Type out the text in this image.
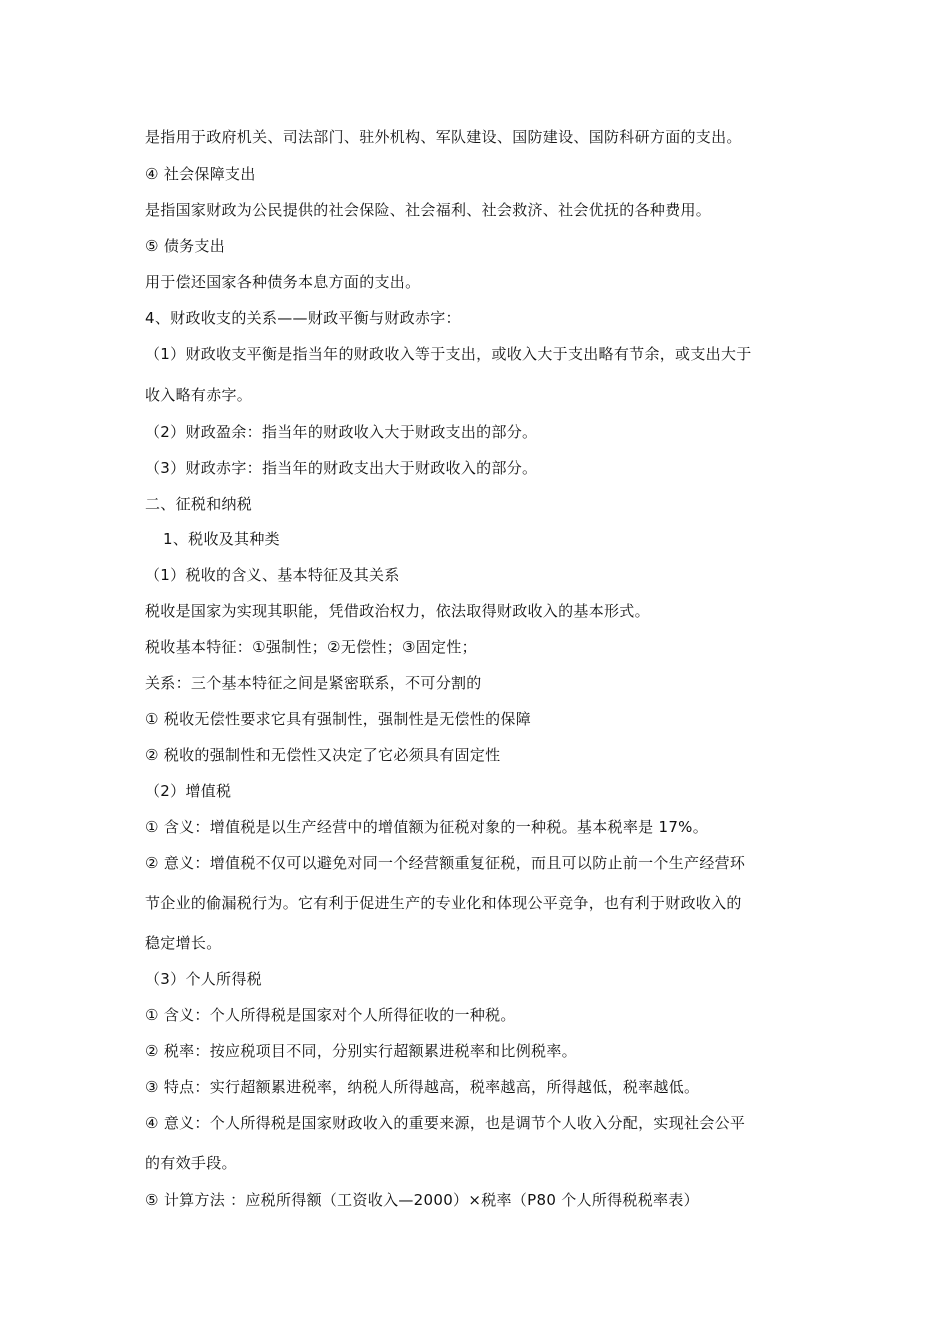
是指用于政府机关、司法部门、驻外机构、军队建设、国防建设、国防科研方面的支出。
④ 社会保障支出
是指国家财政为公民提供的社会保险、社会福利、社会救济、社会优抚的各种费用。
⑤ 债务支出
用于偿还国家各种债务本息方面的支出。
4、财政收支的关系——财政平衡与财政赤字：
（1）财政收支平衡是指当年的财政收入等于支出，或收入大于支出略有节余，或支出大于
收入略有赤字。
（2）财政盈余：指当年的财政收入大于财政支出的部分。
（3）财政赤字：指当年的财政支出大于财政收入的部分。
二、征税和纳税
1、税收及其种类
（1）税收的含义、基本特征及其关系
税收是国家为实现其职能，凭借政治权力，依法取得财政收入的基本形式。
税收基本特征：①强制性；②无偿性；③固定性；
关系：三个基本特征之间是紧密联系，不可分割的
① 税收无偿性要求它具有强制性，强制性是无偿性的保障
② 税收的强制性和无偿性又决定了它必须具有固定性
（2）增值税
① 含义：增值税是以生产经营中的增值额为征税对象的一种税。基本税率是 17%。
② 意义：增值税不仅可以避免对同一个经营额重复征税，而且可以防止前一个生产经营环
节企业的偷漏税行为。它有利于促进生产的专业化和体现公平竞争，也有利于财政收入的
稳定增长。
（3）个人所得税
① 含义：个人所得税是国家对个人所得征收的一种税。
② 税率：按应税项目不同，分别实行超额累进税率和比例税率。
③ 特点：实行超额累进税率，纳税人所得越高，税率越高，所得越低，税率越低。
④ 意义：个人所得税是国家财政收入的重要来源，也是调节个人收入分配，实现社会公平
的有效手段。
⑤ 计算方法 ：应税所得额（工资收入—2000）×税率（P80 个人所得税税率表）
